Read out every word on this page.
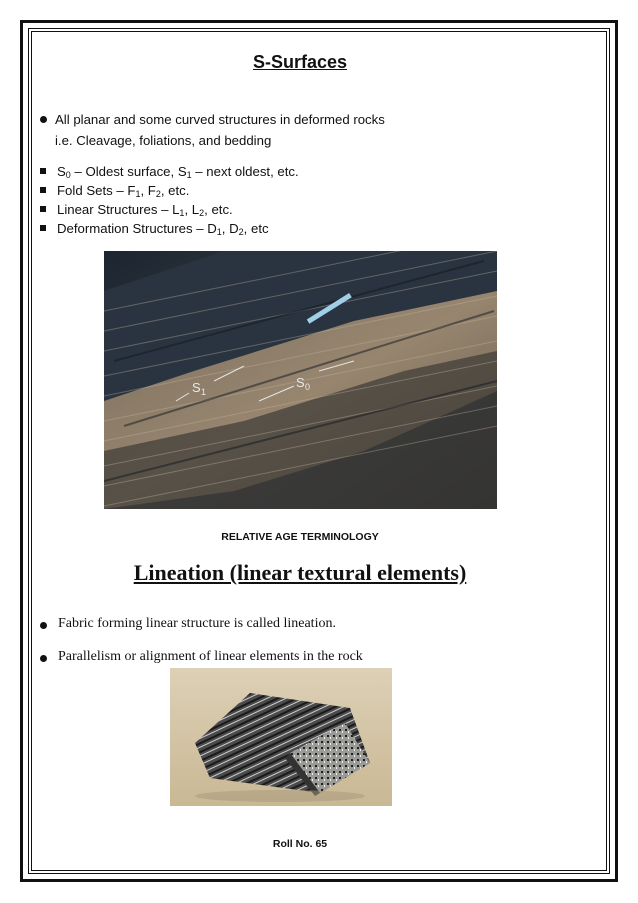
S-Surfaces
All planar and some curved structures in deformed rocks
i.e. Cleavage, foliations, and bedding
$S_0$ – Oldest surface, $S_1$ – next oldest, etc.
Fold Sets – $F_1$, $F_2$, etc.
Linear Structures – $L_1$, $L_2$, etc.
Deformation Structures – $D_1$, $D_2$, etc
S 1
S 0
RELATIVE AGE TERMINOLOGY
Lineation (linear textural elements)
Fabric forming linear structure is called lineation.
Parallelism or alignment of linear elements in the rock
Roll No. 65
